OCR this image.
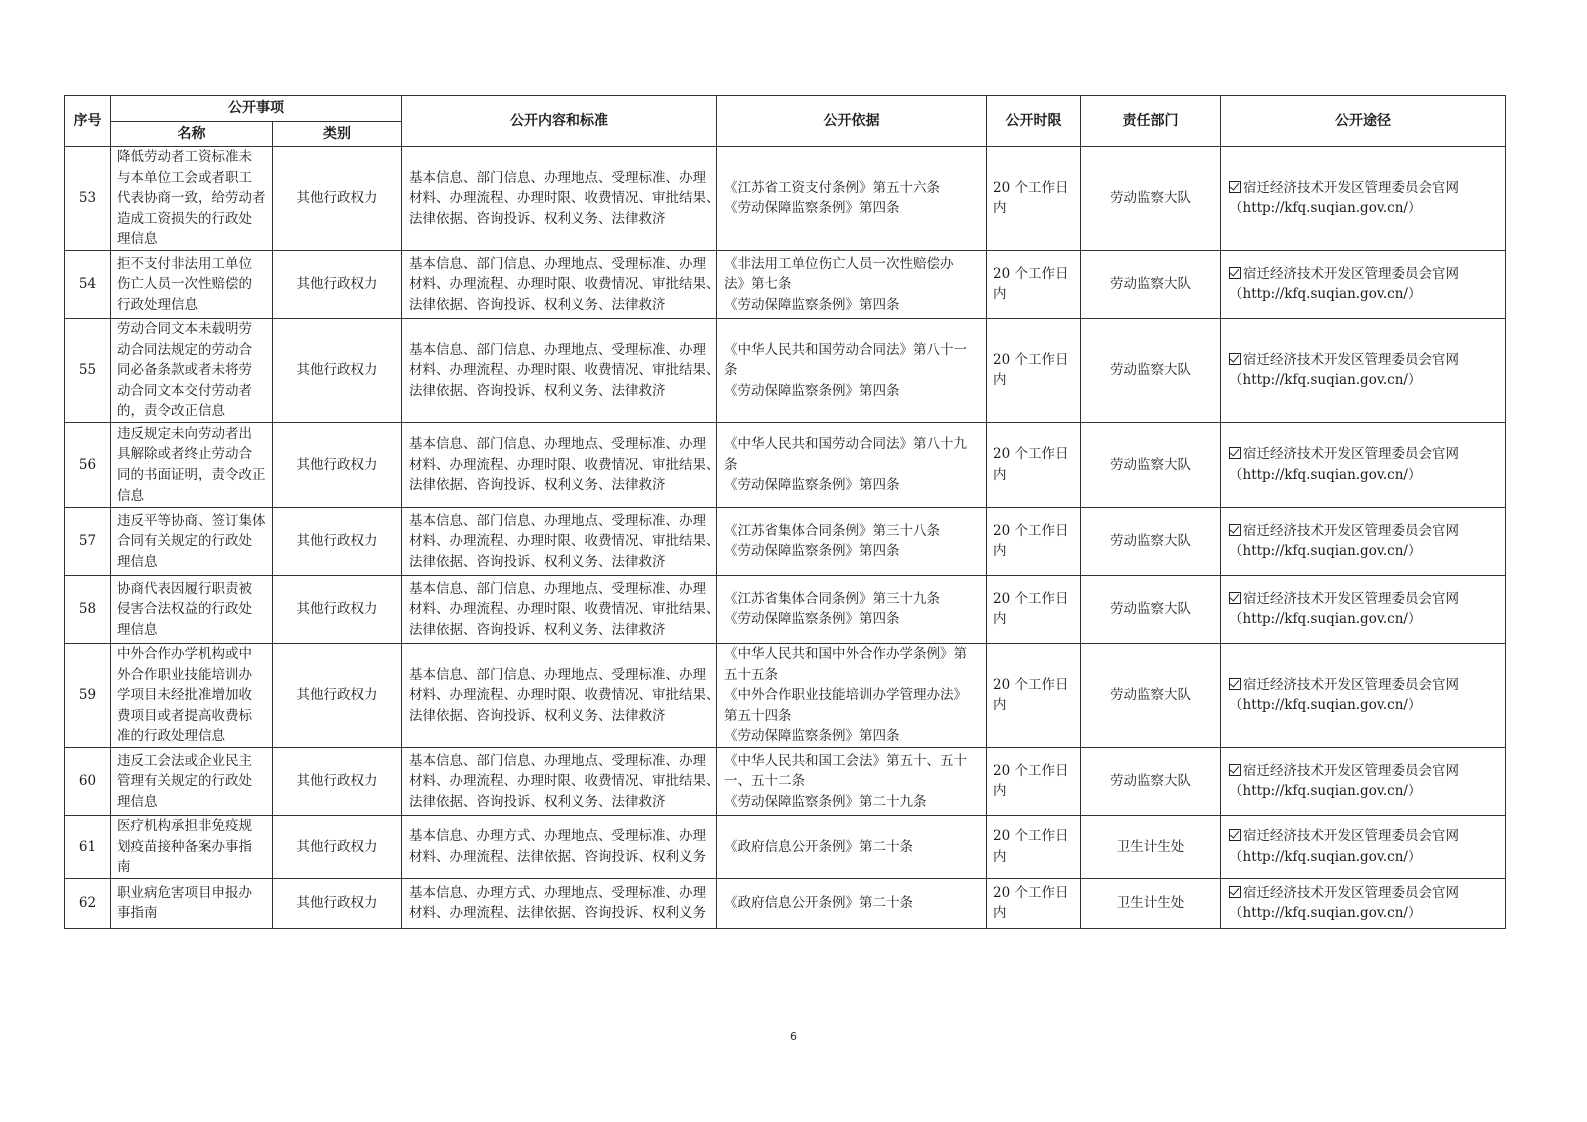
序号	公开事项		公开内容和标准	公开依据	公开时限	责任部门	公开途径
	名称	类别					
53	降低劳动者工资标准未
与本单位工会或者职工
代表协商一致，给劳动者
造成工资损失的行政处
理信息	其他行政权力	基本信息、部门信息、办理地点、受理标准、办理
材料、办理流程、办理时限、收费情况、审批结果、
法律依据、咨询投诉、权利义务、法律救济	《江苏省工资支付条例》第五十六条
《劳动保障监察条例》第四条	20 个工作日
内	劳动监察大队	宿迁经济技术开发区管理委员会官网
（http://kfq.suqian.gov.cn/）

54	拒不支付非法用工单位
伤亡人员一次性赔偿的
行政处理信息	其他行政权力	基本信息、部门信息、办理地点、受理标准、办理
材料、办理流程、办理时限、收费情况、审批结果、
法律依据、咨询投诉、权利义务、法律救济	《非法用工单位伤亡人员一次性赔偿办
法》第七条
《劳动保障监察条例》第四条	20 个工作日
内	劳动监察大队	宿迁经济技术开发区管理委员会官网
（http://kfq.suqian.gov.cn/）

55	劳动合同文本未载明劳
动合同法规定的劳动合
同必备条款或者未将劳
动合同文本交付劳动者
的，责令改正信息	其他行政权力	基本信息、部门信息、办理地点、受理标准、办理
材料、办理流程、办理时限、收费情况、审批结果、
法律依据、咨询投诉、权利义务、法律救济	《中华人民共和国劳动合同法》第八十一
条
《劳动保障监察条例》第四条	20 个工作日
内	劳动监察大队	宿迁经济技术开发区管理委员会官网
（http://kfq.suqian.gov.cn/）

56	违反规定未向劳动者出
具解除或者终止劳动合
同的书面证明，责令改正
信息	其他行政权力	基本信息、部门信息、办理地点、受理标准、办理
材料、办理流程、办理时限、收费情况、审批结果、
法律依据、咨询投诉、权利义务、法律救济	《中华人民共和国劳动合同法》第八十九
条
《劳动保障监察条例》第四条	20 个工作日
内	劳动监察大队	宿迁经济技术开发区管理委员会官网
（http://kfq.suqian.gov.cn/）

57	违反平等协商、签订集体
合同有关规定的行政处
理信息	其他行政权力	基本信息、部门信息、办理地点、受理标准、办理
材料、办理流程、办理时限、收费情况、审批结果、
法律依据、咨询投诉、权利义务、法律救济	《江苏省集体合同条例》第三十八条
《劳动保障监察条例》第四条	20 个工作日
内	劳动监察大队	宿迁经济技术开发区管理委员会官网
（http://kfq.suqian.gov.cn/）

58	协商代表因履行职责被
侵害合法权益的行政处
理信息	其他行政权力	基本信息、部门信息、办理地点、受理标准、办理
材料、办理流程、办理时限、收费情况、审批结果、
法律依据、咨询投诉、权利义务、法律救济	《江苏省集体合同条例》第三十九条
《劳动保障监察条例》第四条	20 个工作日
内	劳动监察大队	宿迁经济技术开发区管理委员会官网
（http://kfq.suqian.gov.cn/）

59	中外合作办学机构或中
外合作职业技能培训办
学项目未经批准增加收
费项目或者提高收费标
准的行政处理信息	其他行政权力	基本信息、部门信息、办理地点、受理标准、办理
材料、办理流程、办理时限、收费情况、审批结果、
法律依据、咨询投诉、权利义务、法律救济	《中华人民共和国中外合作办学条例》第
五十五条
《中外合作职业技能培训办学管理办法》
第五十四条
《劳动保障监察条例》第四条	20 个工作日
内	劳动监察大队	宿迁经济技术开发区管理委员会官网
（http://kfq.suqian.gov.cn/）

60	违反工会法或企业民主
管理有关规定的行政处
理信息	其他行政权力	基本信息、部门信息、办理地点、受理标准、办理
材料、办理流程、办理时限、收费情况、审批结果、
法律依据、咨询投诉、权利义务、法律救济	《中华人民共和国工会法》第五十、五十
一、五十二条
《劳动保障监察条例》第二十九条	20 个工作日
内	劳动监察大队	宿迁经济技术开发区管理委员会官网
（http://kfq.suqian.gov.cn/）

61	医疗机构承担非免疫规
划疫苗接种备案办事指
南	其他行政权力	基本信息、办理方式、办理地点、受理标准、办理
材料、办理流程、法律依据、咨询投诉、权利义务	《政府信息公开条例》第二十条	20 个工作日
内	卫生计生处	宿迁经济技术开发区管理委员会官网
（http://kfq.suqian.gov.cn/）

62	职业病危害项目申报办
事指南	其他行政权力	基本信息、办理方式、办理地点、受理标准、办理
材料、办理流程、法律依据、咨询投诉、权利义务	《政府信息公开条例》第二十条	20 个工作日
内	卫生计生处	宿迁经济技术开发区管理委员会官网
（http://kfq.suqian.gov.cn/）
6
